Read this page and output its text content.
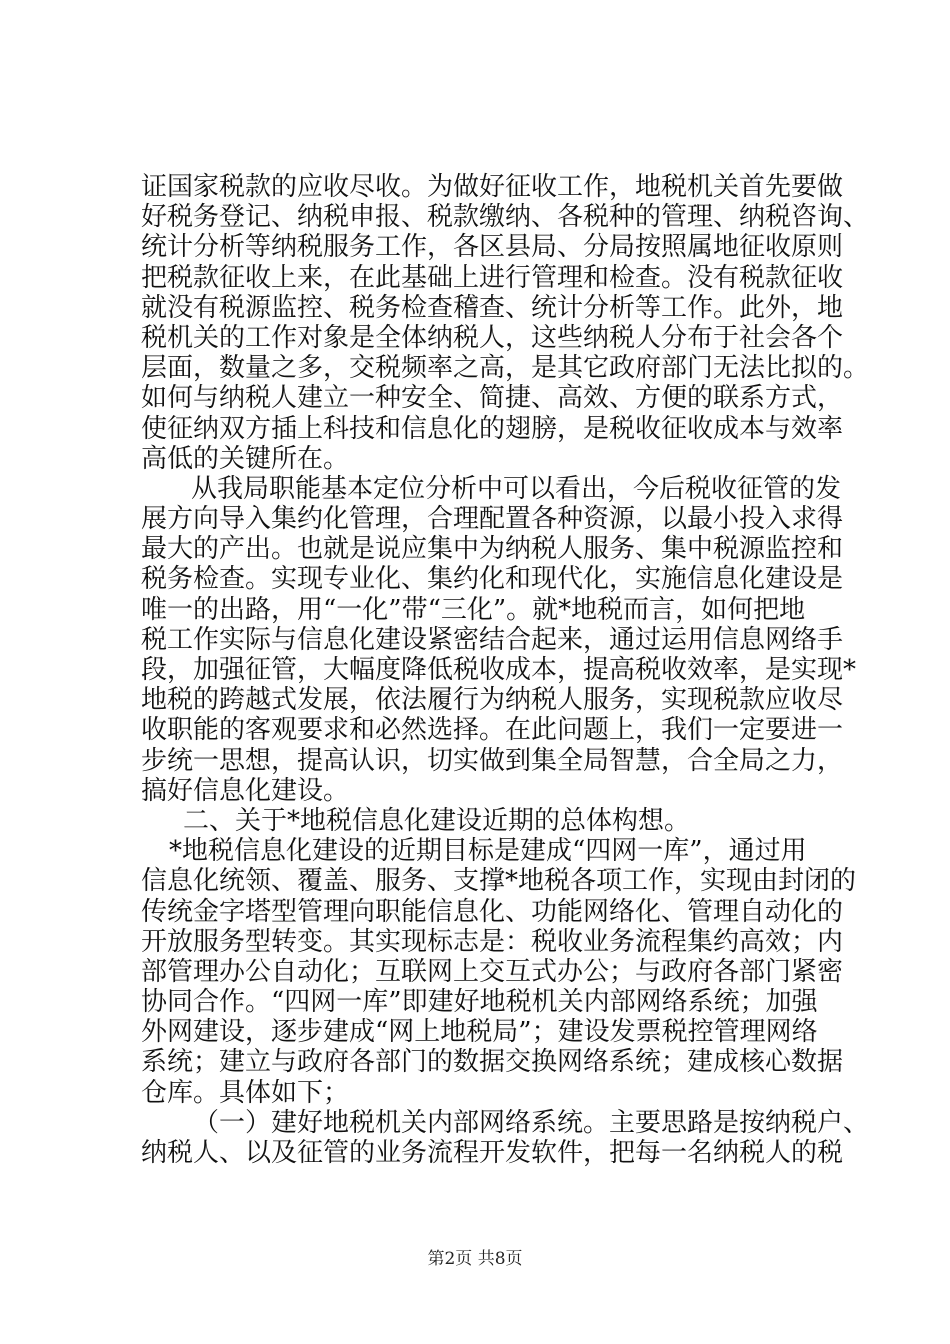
证国家税款的应收尽收。为做好征收工作，地税机关首先要做
好税务登记、纳税申报、税款缴纳、各税种的管理、纳税咨询、
统计分析等纳税服务工作，各区县局、分局按照属地征收原则
把税款征收上来，在此基础上进行管理和检查。没有税款征收
就没有税源监控、税务检查稽查、统计分析等工作。此外，地
税机关的工作对象是全体纳税人，这些纳税人分布于社会各个
层面，数量之多，交税频率之高，是其它政府部门无法比拟的。
如何与纳税人建立一种安全、简捷、高效、方便的联系方式，
使征纳双方插上科技和信息化的翅膀，是税收征收成本与效率
高低的关键所在。
从我局职能基本定位分析中可以看出，今后税收征管的发
展方向导入集约化管理，合理配置各种资源，以最小投入求得
最大的产出。也就是说应集中为纳税人服务、集中税源监控和
税务检查。实现专业化、集约化和现代化，实施信息化建设是
唯一的出路，用“一化”带“三化”。就*地税而言，如何把地
税工作实际与信息化建设紧密结合起来，通过运用信息网络手
段，加强征管，大幅度降低税收成本，提高税收效率，是实现*
地税的跨越式发展，依法履行为纳税人服务，实现税款应收尽
收职能的客观要求和必然选择。在此问题上，我们一定要进一
步统一思想，提高认识，切实做到集全局智慧，合全局之力，
搞好信息化建设。
二、关于*地税信息化建设近期的总体构想。
*地税信息化建设的近期目标是建成“四网一库”，通过用
信息化统领、覆盖、服务、支撑*地税各项工作，实现由封闭的
传统金字塔型管理向职能信息化、功能网络化、管理自动化的
开放服务型转变。其实现标志是：税收业务流程集约高效；内
部管理办公自动化；互联网上交互式办公；与政府各部门紧密
协同合作。“四网一库”即建好地税机关内部网络系统；加强
外网建设，逐步建成“网上地税局”；建设发票税控管理网络
系统；建立与政府各部门的数据交换网络系统；建成核心数据
仓库。具体如下；
（一）建好地税机关内部网络系统。主要思路是按纳税户、
纳税人、以及征管的业务流程开发软件，把每一名纳税人的税
第2页 共8页
